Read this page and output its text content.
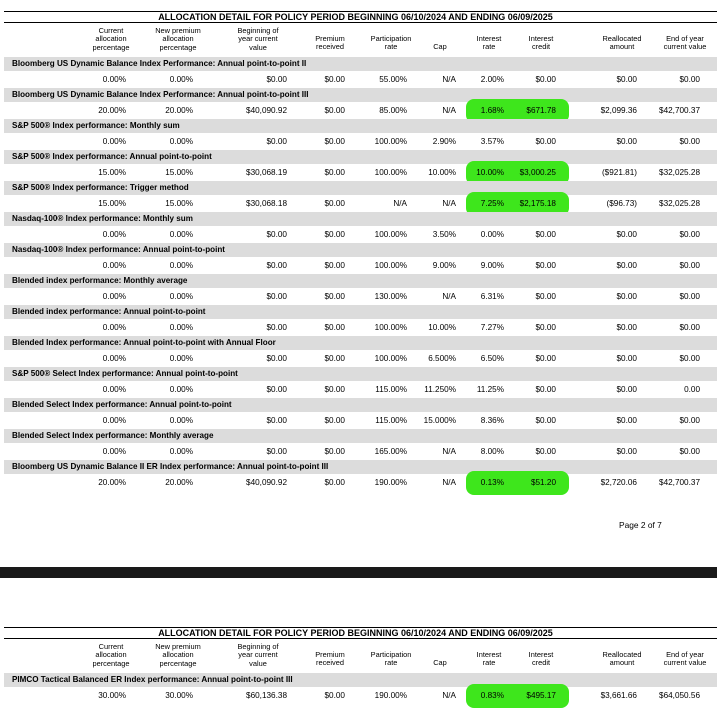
ALLOCATION DETAIL FOR POLICY PERIOD BEGINNING 06/10/2024 AND ENDING 06/09/2025
Page 2 of 7
Current
allocation
percentage
New premium
allocation
percentage
Beginning of
year current
value
Premium
received
Participation
rate	Cap
Interest
rate
Interest
credit
Reallocated
amount
End of year
current value
Bloomberg US Dynamic Balance Index Performance: Annual point-to-point II
0.00%	0.00%	$0.00	$0.00	55.00%	N/A	2.00%	$0.00	$0.00	$0.00
Bloomberg US Dynamic Balance Index Performance: Annual point-to-point III
20.00%	20.00%	$40,090.92	$0.00	85.00%	N/A	1.68%	$671.78	$2,099.36	$42,700.37
S&P 500® Index performance: Monthly sum
0.00%	0.00%	$0.00	$0.00	100.00%	2.90%	3.57%	$0.00	$0.00	$0.00
S&P 500® Index performance: Annual point-to-point
15.00%	15.00%	$30,068.19	$0.00	100.00%	10.00% 10.00% $3,000.25	($921.81)	$32,025.28
S&P 500® Index performance: Trigger method
15.00%	15.00%	$30,068.18	$0.00	N/A	N/A	7.25% $2,175.18	($96.73)	$32,025.28
Nasdaq-100® Index performance: Monthly sum
0.00%	0.00%	$0.00	$0.00	100.00%	3.50%	0.00%	$0.00	$0.00	$0.00
Nasdaq-100® Index performance: Annual point-to-point
0.00%	0.00%	$0.00	$0.00	100.00%	9.00%	9.00%	$0.00	$0.00	$0.00
Blended index performance: Monthly average
0.00%	0.00%	$0.00	$0.00	130.00%	N/A	6.31%	$0.00	$0.00	$0.00
Blended index performance: Annual point-to-point
0.00%	0.00%	$0.00	$0.00	100.00%	10.00%	7.27%	$0.00	$0.00	$0.00
Blended Index performance: Annual point-to-point with Annual Floor
0.00%	0.00%	$0.00	$0.00	100.00%	6.500%	6.50%	$0.00	$0.00	$0.00
S&P 500® Select Index performance: Annual point-to-point
0.00%	0.00%	$0.00	$0.00	115.00% 11.250%	11.25%	$0.00	$0.00	0.00
Blended Select Index performance: Annual point-to-point
0.00%	0.00%	$0.00	$0.00	115.00% 15.000%	8.36%	$0.00	$0.00	$0.00
Blended Select Index performance: Monthly average
0.00%	0.00%	$0.00	$0.00	165.00%	N/A	8.00%	$0.00	$0.00	$0.00
Bloomberg US Dynamic Balance II ER Index performance: Annual point-to-point III
20.00%	20.00%	$40,090.92	$0.00	190.00%	N/A	0.13%	$51.20	$2,720.06	$42,700.37
ALLOCATION DETAIL FOR POLICY PERIOD BEGINNING 06/10/2024 AND ENDING 06/09/2025
Current
allocation
percentage
New premium
allocation
percentage
Beginning of
year current
value
Premium
received
Participation
rate	Cap
Interest
rate
Interest
credit
Reallocated
amount
End of year
current value
PIMCO Tactical Balanced ER Index performance: Annual point-to-point III
30.00%	30.00%	$60,136.38	$0.00	190.00%	N/A	0.83%	$495.17	$3,661.66	$64,050.56
